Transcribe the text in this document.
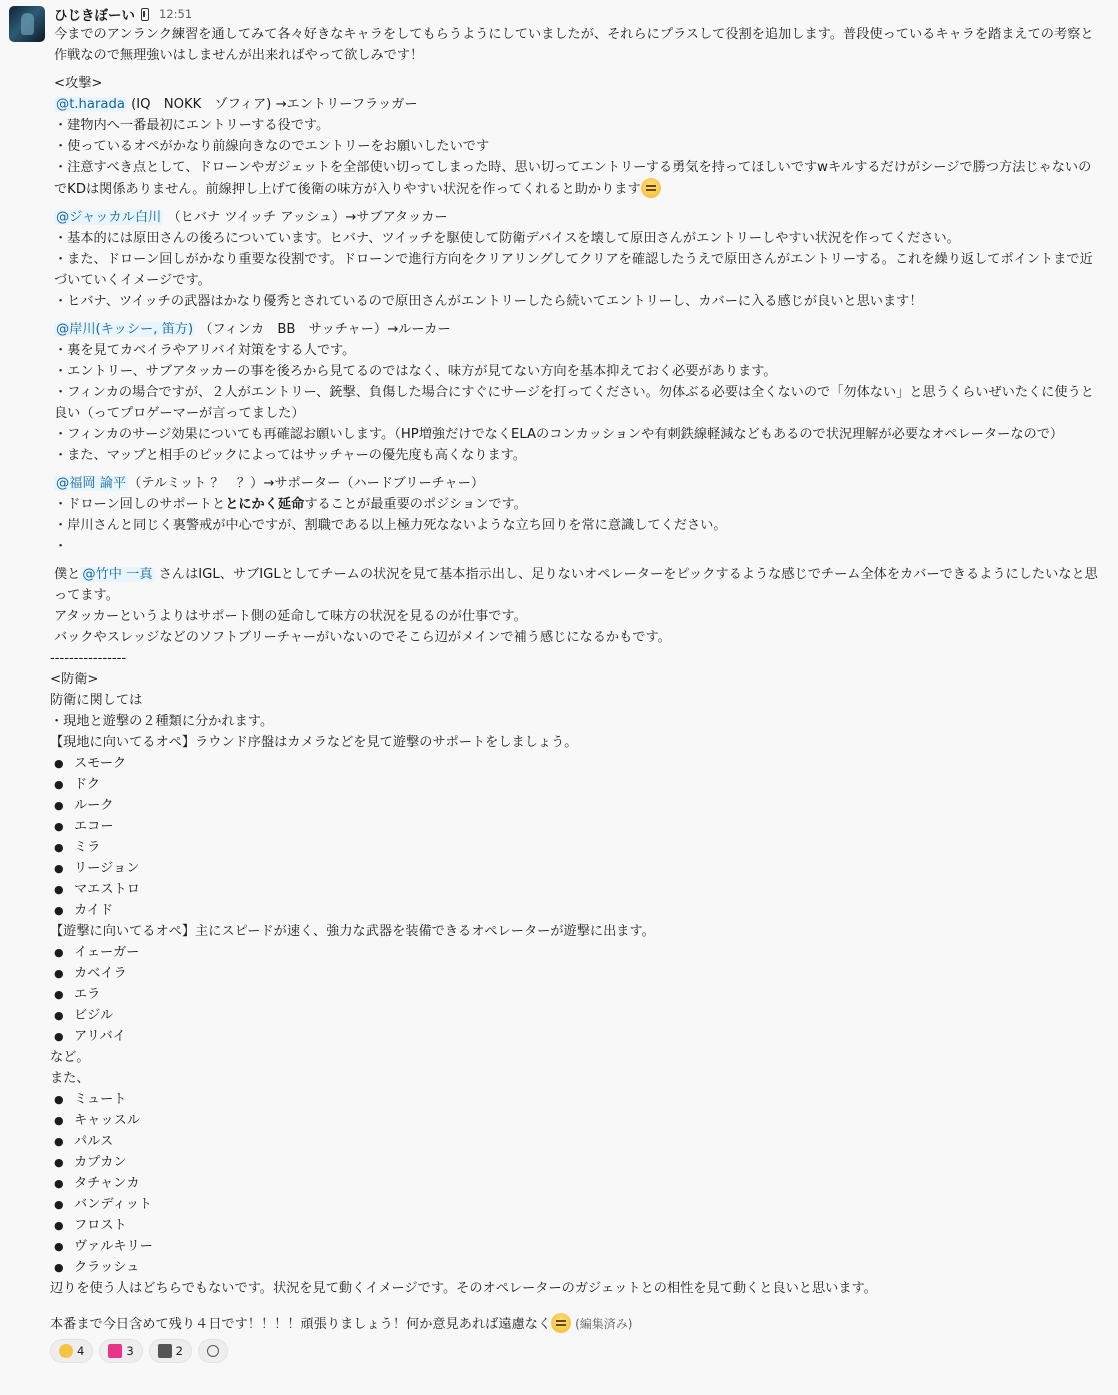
ひじきぼーい 12:51
今までのアンランク練習を通してみて各々好きなキャラをしてもらうようにしていましたが、それらにプラスして役割を追加します。普段使っているキャラを踏まえての考察と作戦なので無理強いはしませんが出来ればやって欲しみです！
<攻撃>
@t.harada (IQ　NOKK　ゾフィア) →エントリーフラッガー
・建物内へ一番最初にエントリーする役です。
・使っているオペがかなり前線向きなのでエントリーをお願いしたいです
・注意すべき点として、ドローンやガジェットを全部使い切ってしまった時、思い切ってエントリーする勇気を持ってほしいですwキルするだけがシージで勝つ方法じゃないのでKDは関係ありません。前線押し上げて後衛の味方が入りやすい状況を作ってくれると助かります
@ジャッカル白川 （ヒバナ ツイッチ アッシュ）→サブアタッカー
・基本的には原田さんの後ろについています。ヒバナ、ツイッチを駆使して防衛デバイスを壊して原田さんがエントリーしやすい状況を作ってください。
・また、ドローン回しがかなり重要な役割です。ドローンで進行方向をクリアリングしてクリアを確認したうえで原田さんがエントリーする。これを繰り返してポイントまで近づいていくイメージです。
・ヒバナ、ツイッチの武器はかなり優秀とされているので原田さんがエントリーしたら続いてエントリーし、カバーに入る感じが良いと思います！
@岸川(キッシー, 笛方) （フィンカ　BB　サッチャー）→ルーカー
・裏を見てカベイラやアリバイ対策をする人です。
・エントリー、サブアタッカーの事を後ろから見てるのではなく、味方が見てない方向を基本抑えておく必要があります。
・フィンカの場合ですが、２人がエントリー、銃撃、負傷した場合にすぐにサージを打ってください。勿体ぶる必要は全くないので「勿体ない」と思うくらいぜいたくに使うと良い（ってプロゲーマーが言ってました）
・フィンカのサージ効果についても再確認お願いします。（HP増強だけでなくELAのコンカッションや有刺鉄線軽減などもあるので状況理解が必要なオペレーターなので）
・また、マップと相手のピックによってはサッチャーの優先度も高くなります。
@福岡 論平 （テルミット ？　？）→サポーター（ハードブリーチャー）
・ドローン回しのサポートととにかく延命することが最重要のポジションです。
・岸川さんと同じく裏警戒が中心ですが、割職である以上極力死なないような立ち回りを常に意識してください。
・
僕と @竹中 一真 さんはIGL、サブIGLとしてチームの状況を見て基本指示出し、足りないオペレーターをピックするような感じでチーム全体をカバーできるようにしたいなと思ってます。
アタッカーというよりはサポート側の延命して味方の状況を見るのが仕事です。
バックやスレッジなどのソフトブリーチャーがいないのでそこら辺がメインで補う感じになるかもです。
----------------
<防衛>
防衛に関しては
・現地と遊撃の２種類に分かれます。
【現地に向いてるオペ】ラウンド序盤はカメラなどを見て遊撃のサポートをしましょう。
● スモーク
● ドク
● ルーク
● エコー
● ミラ
● リージョン
● マエストロ
● カイド
【遊撃に向いてるオペ】主にスピードが速く、強力な武器を装備できるオペレーターが遊撃に出ます。
● イェーガー
● カベイラ
● エラ
● ビジル
● アリバイ
など。
また、
● ミュート
● キャッスル
● パルス
● カプカン
● タチャンカ
● バンディット
● フロスト
● ヴァルキリー
● クラッシュ
辺りを使う人はどちらでもないです。状況を見て動くイメージです。そのオペレーターのガジェットとの相性を見て動くと良いと思います。
本番まで今日含めて残り４日です！！！！頑張りましょう！何か意見あれば遠慮なく (編集済み)
4	3	2
